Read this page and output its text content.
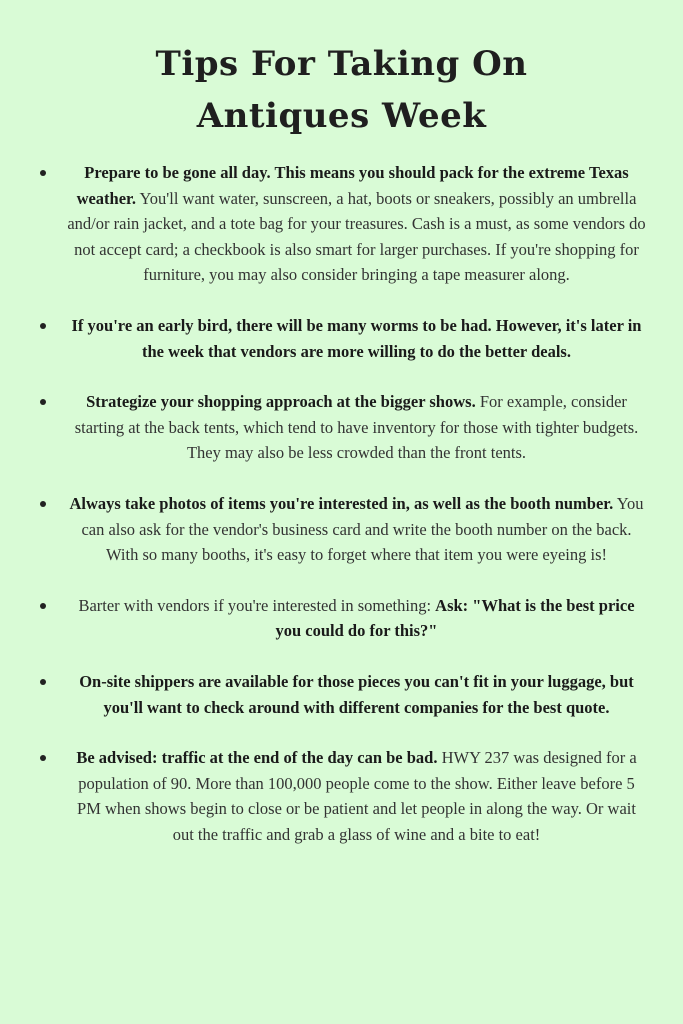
Tips For Taking On
Antiques Week
Prepare to be gone all day. This means you should pack for the extreme Texas weather. You'll want water, sunscreen, a hat, boots or sneakers, possibly an umbrella and/or rain jacket, and a tote bag for your treasures. Cash is a must, as some vendors do not accept card; a checkbook is also smart for larger purchases. If you're shopping for furniture, you may also consider bringing a tape measurer along.
If you're an early bird, there will be many worms to be had. However, it's later in the week that vendors are more willing to do the better deals.
Strategize your shopping approach at the bigger shows. For example, consider starting at the back tents, which tend to have inventory for those with tighter budgets. They may also be less crowded than the front tents.
Always take photos of items you're interested in, as well as the booth number. You can also ask for the vendor's business card and write the booth number on the back. With so many booths, it's easy to forget where that item you were eyeing is!
Barter with vendors if you're interested in something: Ask: "What is the best price you could do for this?"
On-site shippers are available for those pieces you can't fit in your luggage, but you'll want to check around with different companies for the best quote.
Be advised: traffic at the end of the day can be bad. HWY 237 was designed for a population of 90. More than 100,000 people come to the show. Either leave before 5 PM when shows begin to close or be patient and let people in along the way. Or wait out the traffic and grab a glass of wine and a bite to eat!
